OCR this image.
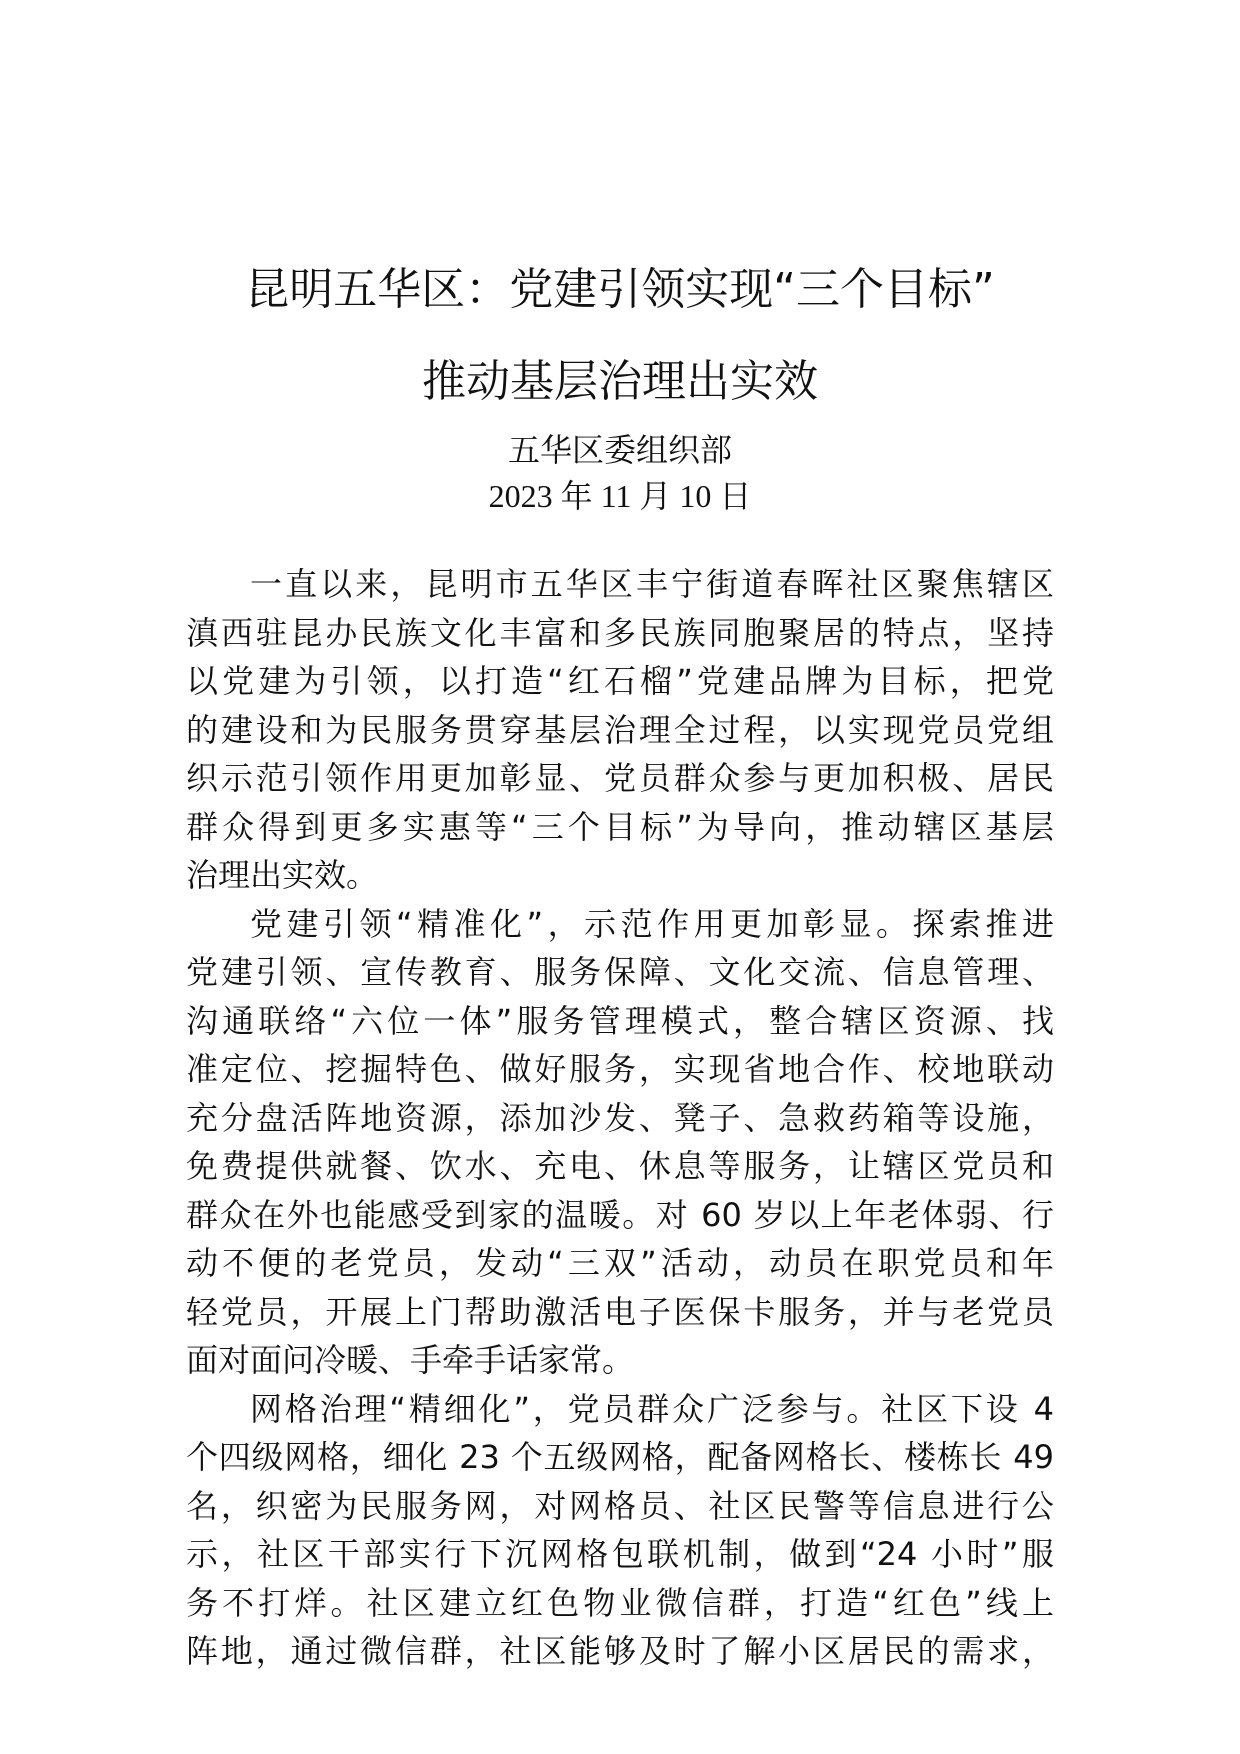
昆明五华区：党建引领实现“三个目标”
推动基层治理出实效
五华区委组织部
2023 年 11 月 10 日
一直以来，昆明市五华区丰宁街道春晖社区聚焦辖区
滇西驻昆办民族文化丰富和多民族同胞聚居的特点，坚持
以党建为引领，以打造“红石榴”党建品牌为目标，把党
的建设和为民服务贯穿基层治理全过程，以实现党员党组
织示范引领作用更加彰显、党员群众参与更加积极、居民
群众得到更多实惠等“三个目标”为导向，推动辖区基层
治理出实效。
党建引领“精准化”，示范作用更加彰显。探索推进
党建引领、宣传教育、服务保障、文化交流、信息管理、
沟通联络“六位一体”服务管理模式，整合辖区资源、找
准定位、挖掘特色、做好服务，实现省地合作、校地联动
充分盘活阵地资源，添加沙发、凳子、急救药箱等设施，
免费提供就餐、饮水、充电、休息等服务，让辖区党员和
群众在外也能感受到家的温暖。对 60 岁以上年老体弱、行
动不便的老党员，发动“三双”活动，动员在职党员和年
轻党员，开展上门帮助激活电子医保卡服务，并与老党员
面对面问冷暖、手牵手话家常。
网格治理“精细化”，党员群众广泛参与。社区下设 4
个四级网格，细化 23 个五级网格，配备网格长、楼栋长 49
名，织密为民服务网，对网格员、社区民警等信息进行公
示，社区干部实行下沉网格包联机制，做到“24 小时”服
务不打烊。社区建立红色物业微信群，打造“红色”线上
阵地，通过微信群，社区能够及时了解小区居民的需求，
